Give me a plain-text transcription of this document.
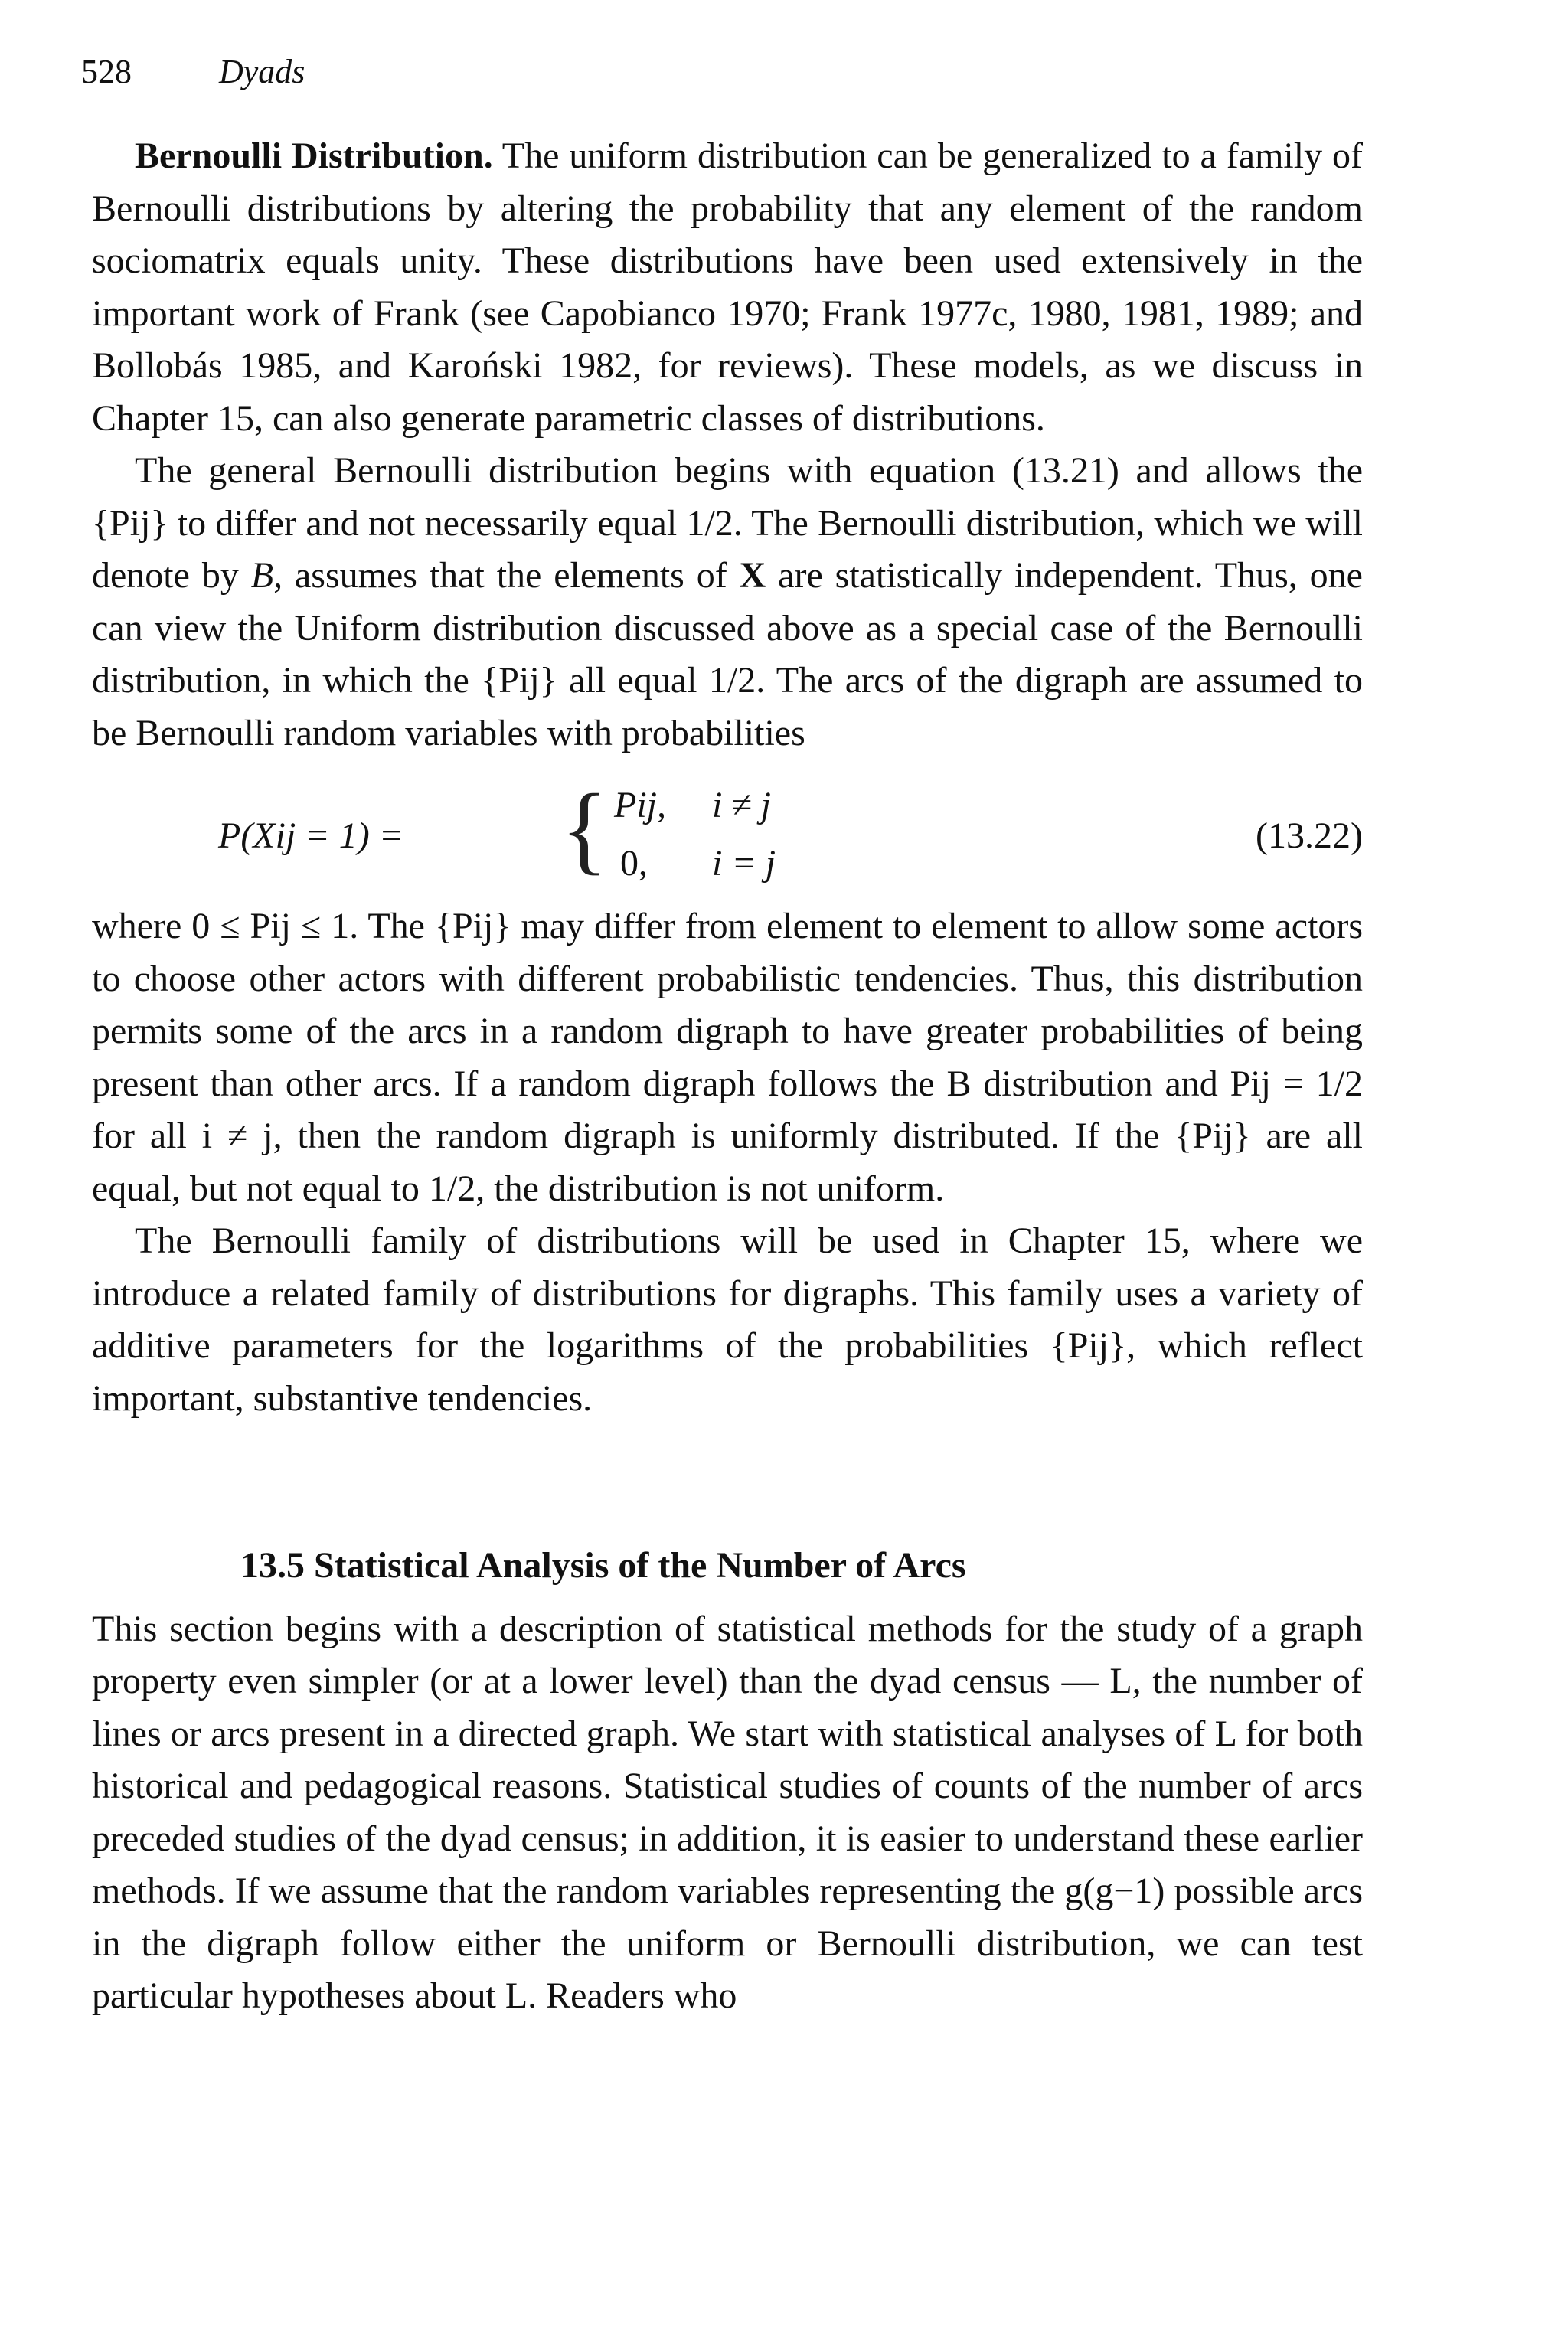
528	Dyads

Bernoulli Distribution. The uniform distribution can be generalized to a family of Bernoulli distributions by altering the probability that any element of the random sociomatrix equals unity. These distributions have been used extensively in the important work of Frank (see Capobianco 1970; Frank 1977c, 1980, 1981, 1989; and Bollobás 1985, and Karoński 1982, for reviews). These models, as we discuss in Chapter 15, can also generate parametric classes of distributions.

The general Bernoulli distribution begins with equation (13.21) and allows the {Pij} to differ and not necessarily equal 1/2. The Bernoulli distribution, which we will denote by B, assumes that the elements of X are statistically independent. Thus, one can view the Uniform distribution discussed above as a special case of the Bernoulli distribution, in which the {Pij} all equal 1/2. The arcs of the digraph are assumed to be Bernoulli random variables with probabilities

P(Xij = 1) = { Pij, i ≠ j
0, i = j
(13.22)

where 0 ≤ Pij ≤ 1. The {Pij} may differ from element to element to allow some actors to choose other actors with different probabilistic tendencies. Thus, this distribution permits some of the arcs in a random digraph to have greater probabilities of being present than other arcs. If a random digraph follows the B distribution and Pij = 1/2 for all i ≠ j, then the random digraph is uniformly distributed. If the {Pij} are all equal, but not equal to 1/2, the distribution is not uniform.

The Bernoulli family of distributions will be used in Chapter 15, where we introduce a related family of distributions for digraphs. This family uses a variety of additive parameters for the logarithms of the probabilities {Pij}, which reflect important, substantive tendencies.

13.5 Statistical Analysis of the Number of Arcs

This section begins with a description of statistical methods for the study of a graph property even simpler (or at a lower level) than the dyad census — L, the number of lines or arcs present in a directed graph. We start with statistical analyses of L for both historical and pedagogical reasons. Statistical studies of counts of the number of arcs preceded studies of the dyad census; in addition, it is easier to understand these earlier methods. If we assume that the random variables representing the g(g−1) possible arcs in the digraph follow either the uniform or Bernoulli distribution, we can test particular hypotheses about L. Readers who
